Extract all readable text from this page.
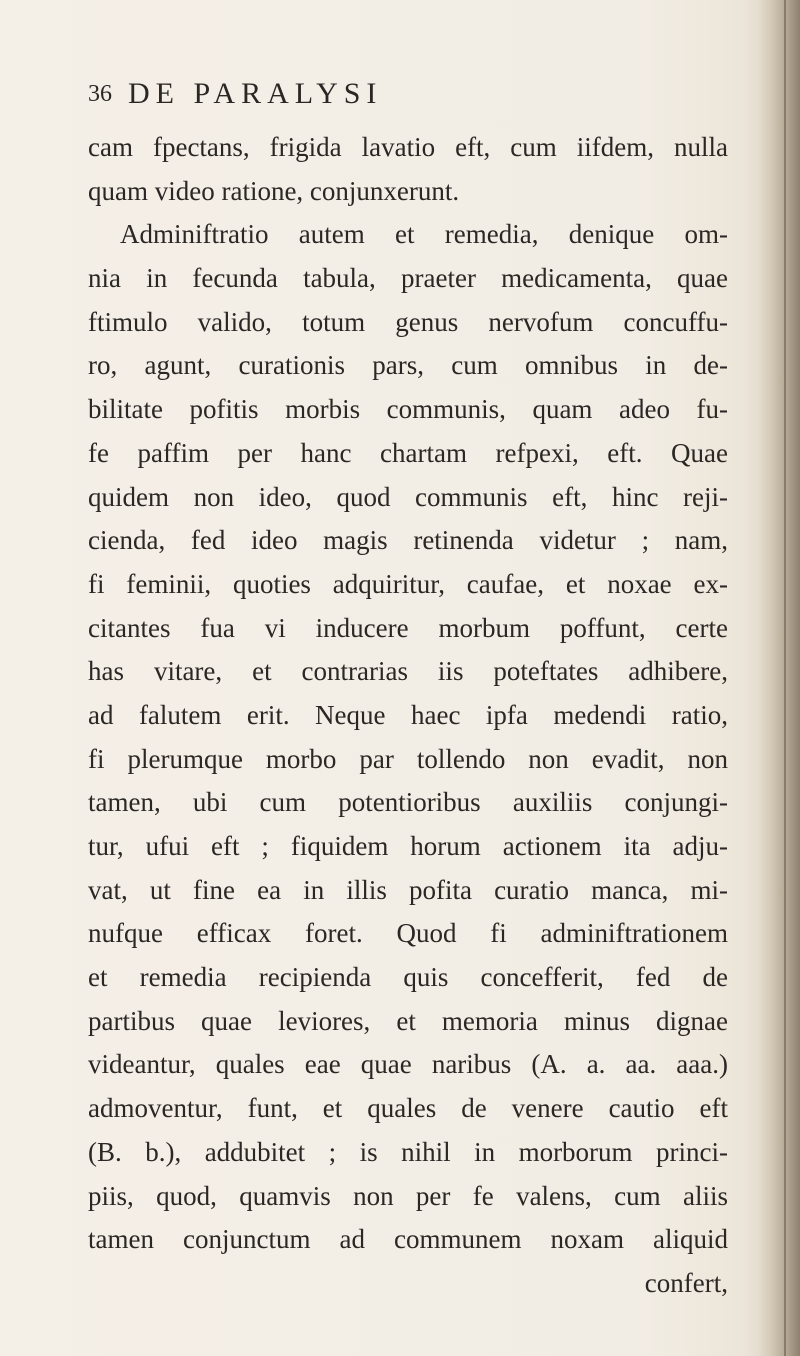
36 DE PARALYSI
cam fpectans, frigida lavatio eft, cum iifdem, nulla
quam video ratione, conjunxerunt.
Adminiftratio autem et remedia, denique om-
nia in fecunda tabula, praeter medicamenta, quae
ftimulo valido, totum genus nervofum concuffu-
ro, agunt, curationis pars, cum omnibus in de-
bilitate pofitis morbis communis, quam adeo fu-
fe paffim per hanc chartam refpexi, eft. Quae
quidem non ideo, quod communis eft, hinc reji-
cienda, fed ideo magis retinenda videtur ; nam,
fi feminii, quoties adquiritur, caufae, et noxae ex-
citantes fua vi inducere morbum poffunt, certe
has vitare, et contrarias iis poteftates adhibere,
ad falutem erit. Neque haec ipfa medendi ratio,
fi plerumque morbo par tollendo non evadit, non
tamen, ubi cum potentioribus auxiliis conjungi-
tur, ufui eft ; fiquidem horum actionem ita adju-
vat, ut fine ea in illis pofita curatio manca, mi-
nufque efficax foret. Quod fi adminiftrationem
et remedia recipienda quis concefferit, fed de
partibus quae leviores, et memoria minus dignae
videantur, quales eae quae naribus (A. a. aa. aaa.)
admoventur, funt, et quales de venere cautio eft
(B. b.), addubitet ; is nihil in morborum princi-
piis, quod, quamvis non per fe valens, cum aliis
tamen conjunctum ad communem noxam aliquid
confert,
